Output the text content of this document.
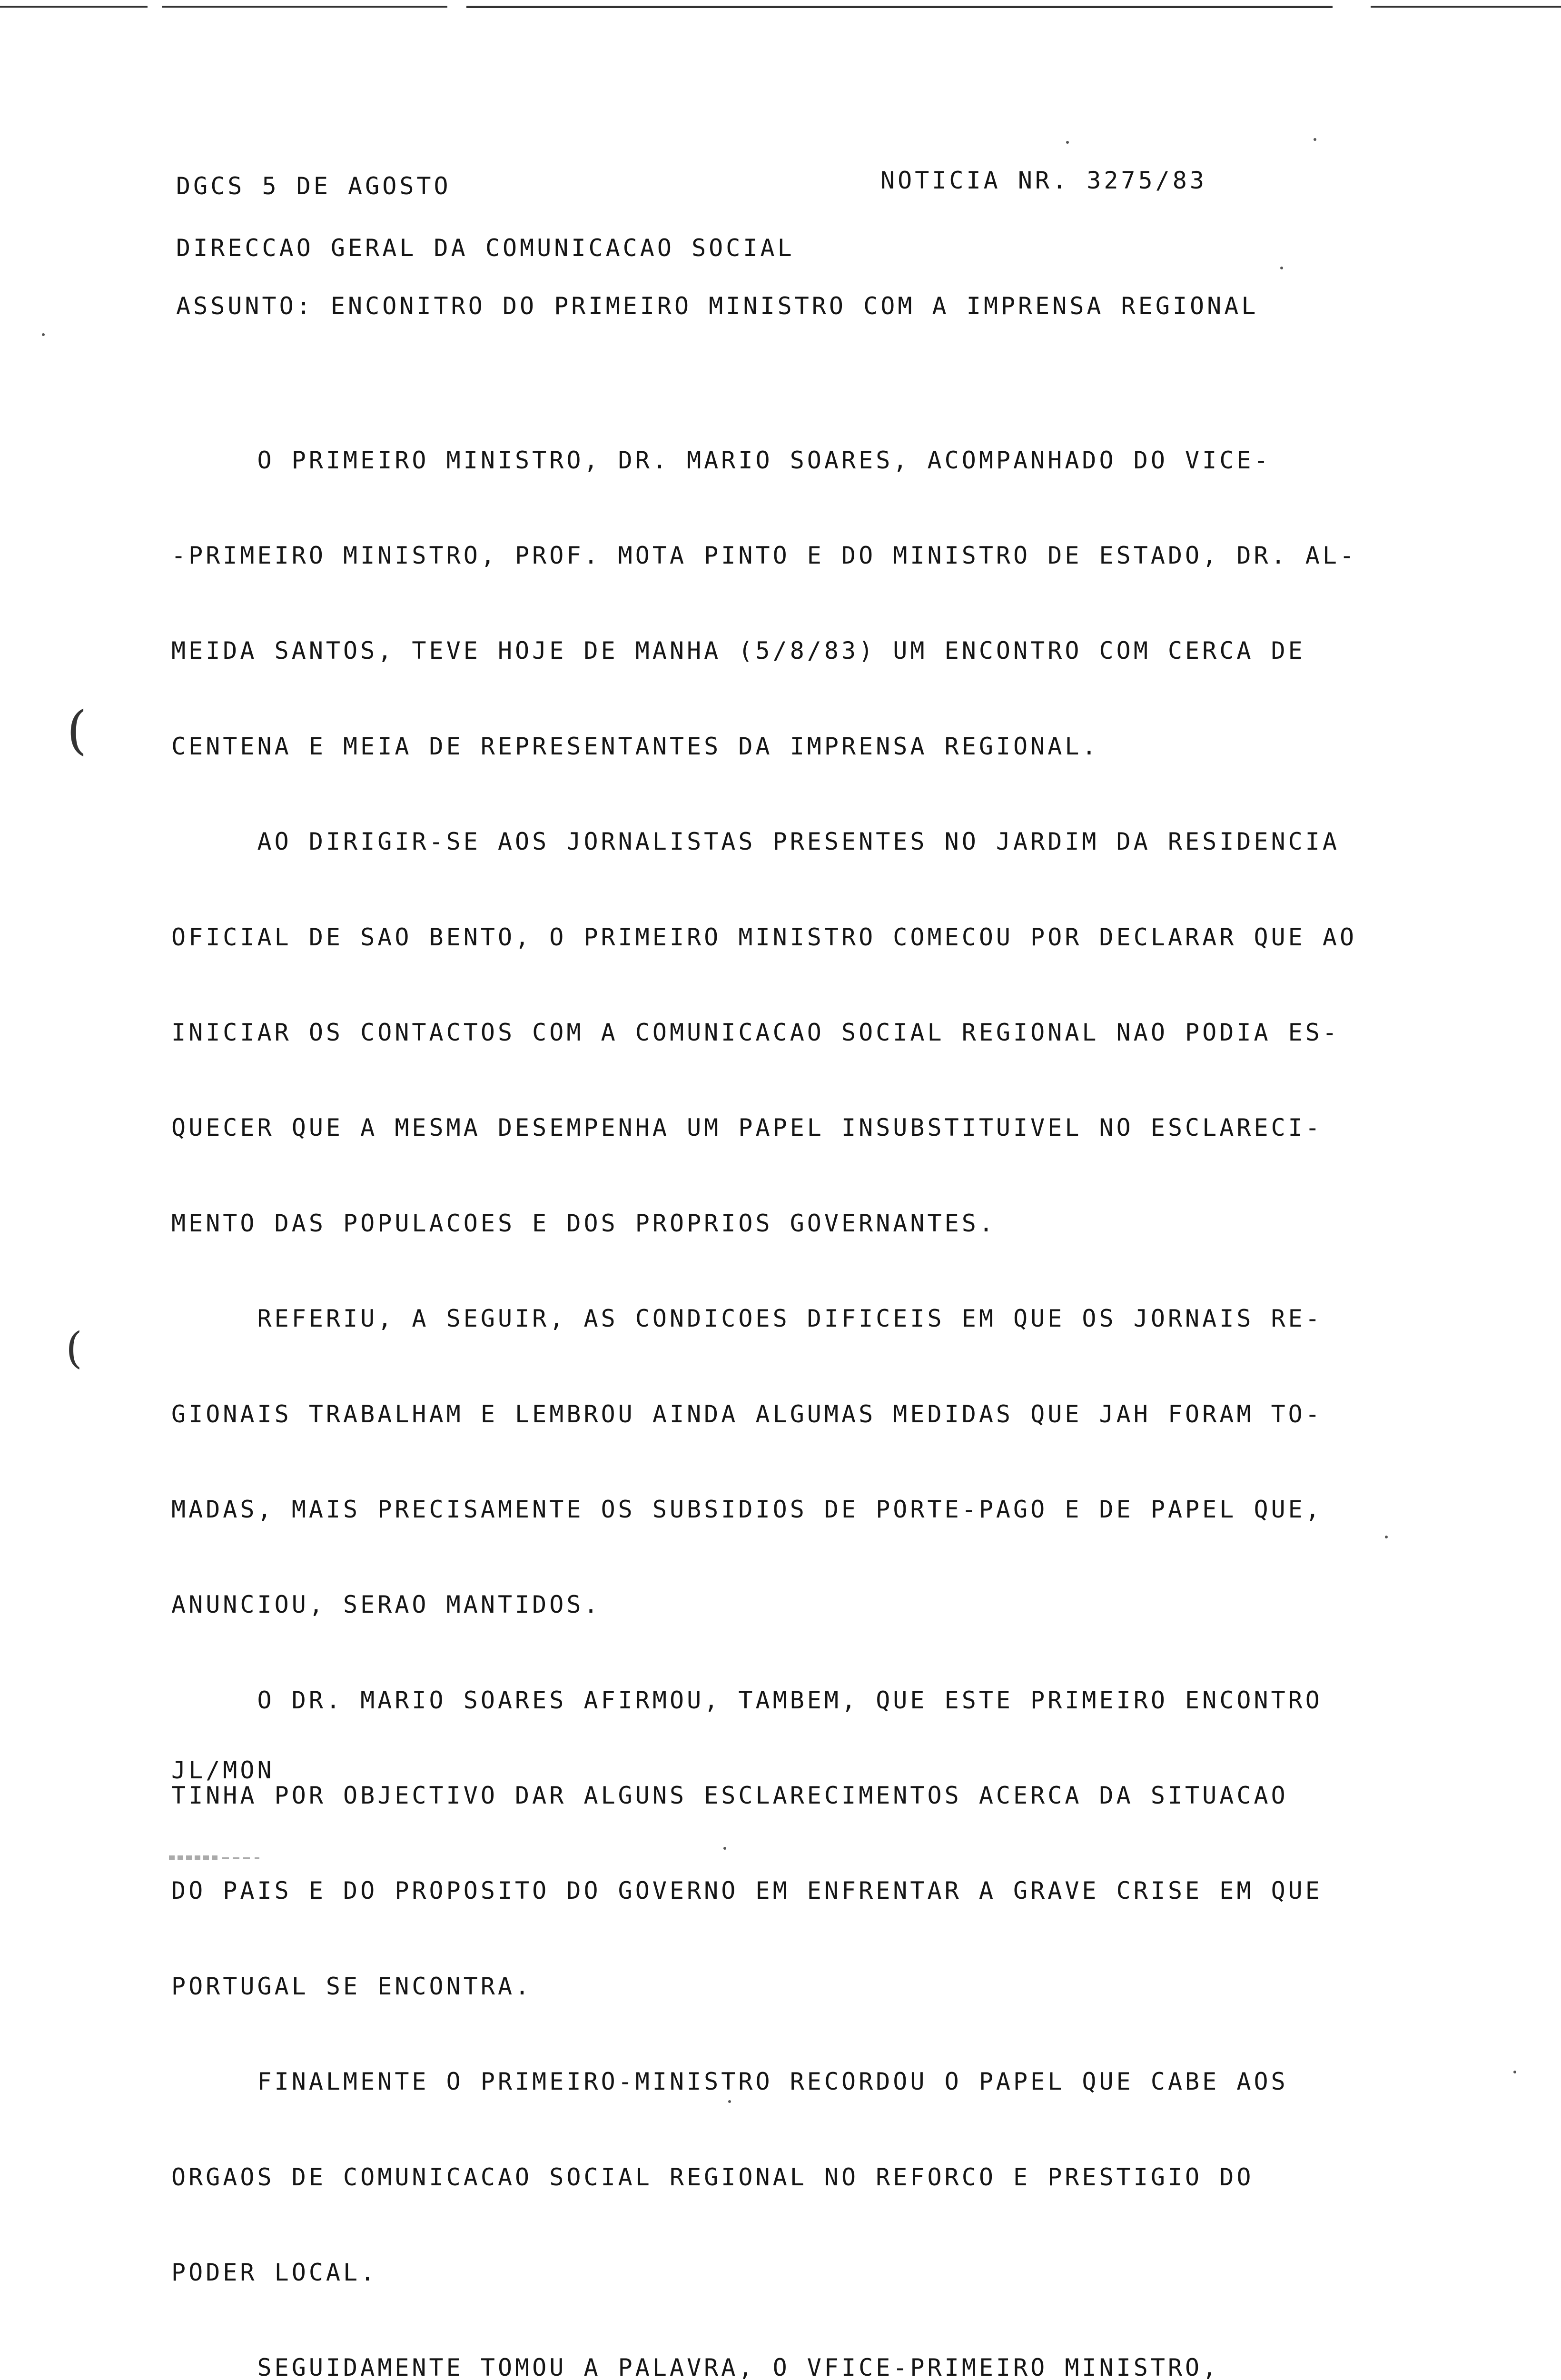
DGCS 5 DE AGOSTO	NOTICIA NR. 3275/83
DIRECCAO GERAL DA COMUNICACAO SOCIAL
ASSUNTO: ENCONITRO DO PRIMEIRO MINISTRO COM A IMPRENSA REGIONAL

O PRIMEIRO MINISTRO, DR. MARIO SOARES, ACOMPANHADO DO VICE-

-PRIMEIRO MINISTRO, PROF. MOTA PINTO E DO MINISTRO DE ESTADO, DR. AL-

MEIDA SANTOS, TEVE HOJE DE MANHA (5/8/83) UM ENCONTRO COM CERCA DE

CENTENA E MEIA DE REPRESENTANTES DA IMPRENSA REGIONAL.

AO DIRIGIR-SE AOS JORNALISTAS PRESENTES NO JARDIM DA RESIDENCIA

OFICIAL DE SAO BENTO, O PRIMEIRO MINISTRO COMECOU POR DECLARAR QUE AO

INICIAR OS CONTACTOS COM A COMUNICACAO SOCIAL REGIONAL NAO PODIA ES-

QUECER QUE A MESMA DESEMPENHA UM PAPEL INSUBSTITUIVEL NO ESCLARECI-

MENTO DAS POPULACOES E DOS PROPRIOS GOVERNANTES.

REFERIU, A SEGUIR, AS CONDICOES DIFICEIS EM QUE OS JORNAIS RE-

GIONAIS TRABALHAM E LEMBROU AINDA ALGUMAS MEDIDAS QUE JAH FORAM TO-

MADAS, MAIS PRECISAMENTE OS SUBSIDIOS DE PORTE-PAGO E DE PAPEL QUE,

ANUNCIOU, SERAO MANTIDOS.

O DR. MARIO SOARES AFIRMOU, TAMBEM, QUE ESTE PRIMEIRO ENCONTRO

TINHA POR OBJECTIVO DAR ALGUNS ESCLARECIMENTOS ACERCA DA SITUACAO

DO PAIS E DO PROPOSITO DO GOVERNO EM ENFRENTAR A GRAVE CRISE EM QUE

PORTUGAL SE ENCONTRA.

FINALMENTE O PRIMEIRO-MINISTRO RECORDOU O PAPEL QUE CABE AOS

ORGAOS DE COMUNICACAO SOCIAL REGIONAL NO REFORCO E PRESTIGIO DO

PODER LOCAL.

SEGUIDAMENTE TOMOU A PALAVRA, O VFICE-PRIMEIRO MINISTRO,

JL/MON
(
(
